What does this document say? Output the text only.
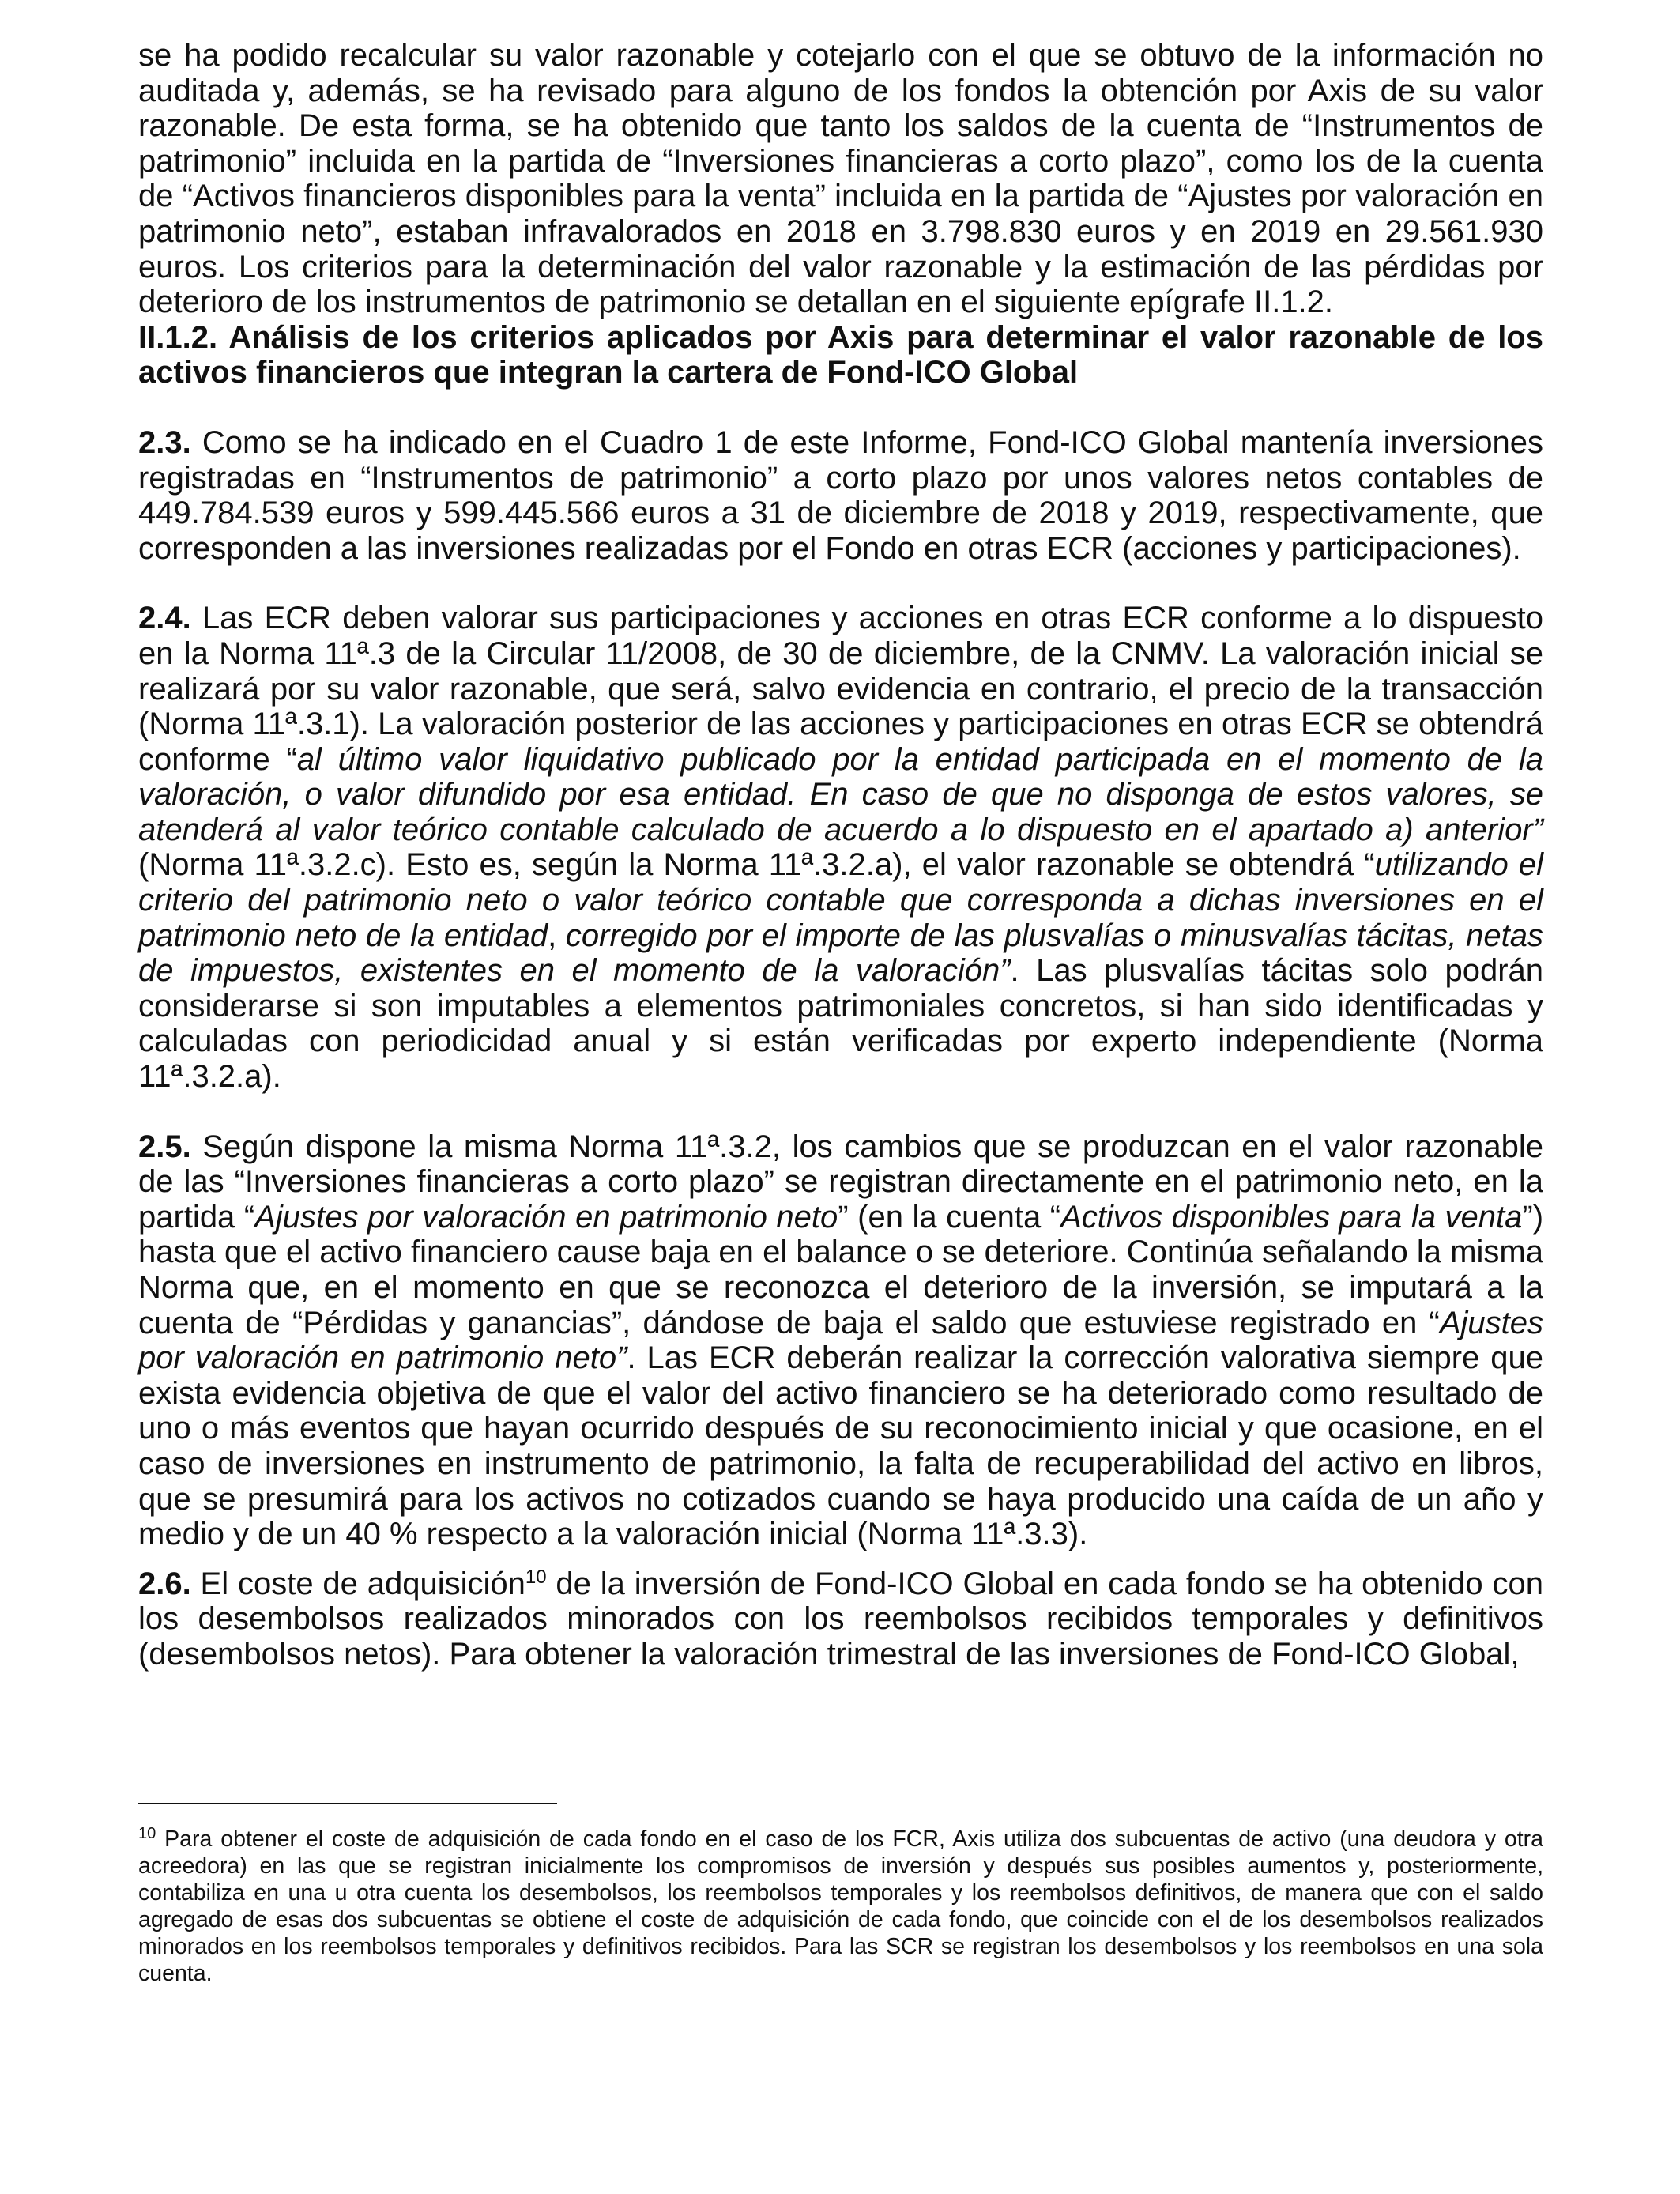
se ha podido recalcular su valor razonable y cotejarlo con el que se obtuvo de la información no auditada y, además, se ha revisado para alguno de los fondos la obtención por Axis de su valor razonable. De esta forma, se ha obtenido que tanto los saldos de la cuenta de “Instrumentos de patrimonio” incluida en la partida de “Inversiones financieras a corto plazo”, como los de la cuenta de “Activos financieros disponibles para la venta” incluida en la partida de “Ajustes por valoración en patrimonio neto”, estaban infravalorados en 2018 en 3.798.830 euros y en 2019 en 29.561.930 euros. Los criterios para la determinación del valor razonable y la estimación de las pérdidas por deterioro de los instrumentos de patrimonio se detallan en el siguiente epígrafe II.1.2.

II.1.2. Análisis de los criterios aplicados por Axis para determinar el valor razonable de los activos financieros que integran la cartera de Fond-ICO Global

2.3. Como se ha indicado en el Cuadro 1 de este Informe, Fond-ICO Global mantenía inversiones registradas en “Instrumentos de patrimonio” a corto plazo por unos valores netos contables de 449.784.539 euros y 599.445.566 euros a 31 de diciembre de 2018 y 2019, respectivamente, que corresponden a las inversiones realizadas por el Fondo en otras ECR (acciones y participaciones).

2.4. Las ECR deben valorar sus participaciones y acciones en otras ECR conforme a lo dispuesto en la Norma 11ª.3 de la Circular 11/2008, de 30 de diciembre, de la CNMV. La valoración inicial se realizará por su valor razonable, que será, salvo evidencia en contrario, el precio de la transacción (Norma 11ª.3.1). La valoración posterior de las acciones y participaciones en otras ECR se obtendrá conforme “al último valor liquidativo publicado por la entidad participada en el momento de la valoración, o valor difundido por esa entidad. En caso de que no disponga de estos valores, se atenderá al valor teórico contable calculado de acuerdo a lo dispuesto en el apartado a) anterior” (Norma 11ª.3.2.c). Esto es, según la Norma 11ª.3.2.a), el valor razonable se obtendrá “utilizando el criterio del patrimonio neto o valor teórico contable que corresponda a dichas inversiones en el patrimonio neto de la entidad, corregido por el importe de las plusvalías o minusvalías tácitas, netas de impuestos, existentes en el momento de la valoración”. Las plusvalías tácitas solo podrán considerarse si son imputables a elementos patrimoniales concretos, si han sido identificadas y calculadas con periodicidad anual y si están verificadas por experto independiente (Norma 11ª.3.2.a).

2.5. Según dispone la misma Norma 11ª.3.2, los cambios que se produzcan en el valor razonable de las “Inversiones financieras a corto plazo” se registran directamente en el patrimonio neto, en la partida “Ajustes por valoración en patrimonio neto” (en la cuenta “Activos disponibles para la venta”) hasta que el activo financiero cause baja en el balance o se deteriore. Continúa señalando la misma Norma que, en el momento en que se reconozca el deterioro de la inversión, se imputará a la cuenta de “Pérdidas y ganancias”, dándose de baja el saldo que estuviese registrado en “Ajustes por valoración en patrimonio neto”. Las ECR deberán realizar la corrección valorativa siempre que exista evidencia objetiva de que el valor del activo financiero se ha deteriorado como resultado de uno o más eventos que hayan ocurrido después de su reconocimiento inicial y que ocasione, en el caso de inversiones en instrumento de patrimonio, la falta de recuperabilidad del activo en libros, que se presumirá para los activos no cotizados cuando se haya producido una caída de un año y medio y de un 40 % respecto a la valoración inicial (Norma 11ª.3.3).

2.6. El coste de adquisición$^{10}$ de la inversión de Fond-ICO Global en cada fondo se ha obtenido con los desembolsos realizados minorados con los reembolsos recibidos temporales y definitivos (desembolsos netos). Para obtener la valoración trimestral de las inversiones de Fond-ICO Global,

$^{10}$ Para obtener el coste de adquisición de cada fondo en el caso de los FCR, Axis utiliza dos subcuentas de activo (una deudora y otra acreedora) en las que se registran inicialmente los compromisos de inversión y después sus posibles aumentos y, posteriormente, contabiliza en una u otra cuenta los desembolsos, los reembolsos temporales y los reembolsos definitivos, de manera que con el saldo agregado de esas dos subcuentas se obtiene el coste de adquisición de cada fondo, que coincide con el de los desembolsos realizados minorados en los reembolsos temporales y definitivos recibidos. Para las SCR se registran los desembolsos y los reembolsos en una sola cuenta.
